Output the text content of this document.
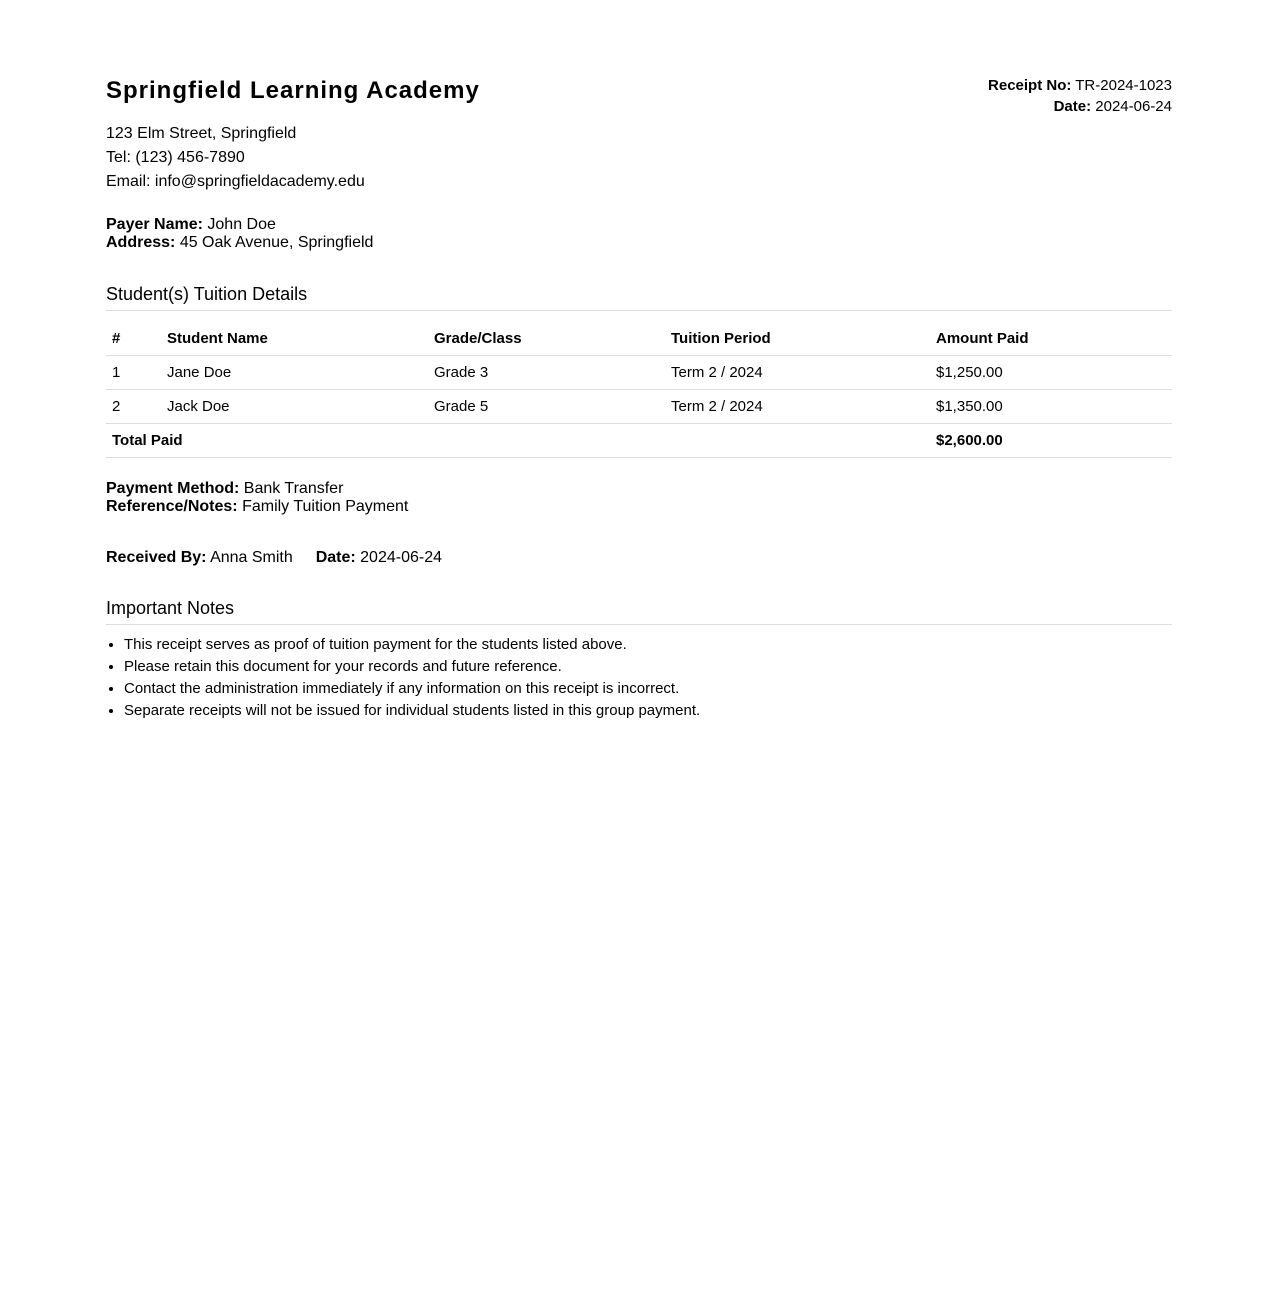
Springfield Learning Academy
123 Elm Street, Springfield
Tel: (123) 456-7890
Email: info@springfieldacademy.edu
Receipt No: TR-2024-1023
Date: 2024-06-24
Payer Name: John Doe
Address: 45 Oak Avenue, Springfield
Student(s) Tuition Details
#	Student Name	Grade/Class	Tuition Period	Amount Paid
1	Jane Doe	Grade 3	Term 2 / 2024	$1,250.00
2	Jack Doe	Grade 5	Term 2 / 2024	$1,350.00
Total Paid				$2,600.00
Payment Method: Bank Transfer
Reference/Notes: Family Tuition Payment
Received By: Anna Smith Date: 2024-06-24
Important Notes
• This receipt serves as proof of tuition payment for the students listed above.
• Please retain this document for your records and future reference.
• Contact the administration immediately if any information on this receipt is incorrect.
• Separate receipts will not be issued for individual students listed in this group payment.
